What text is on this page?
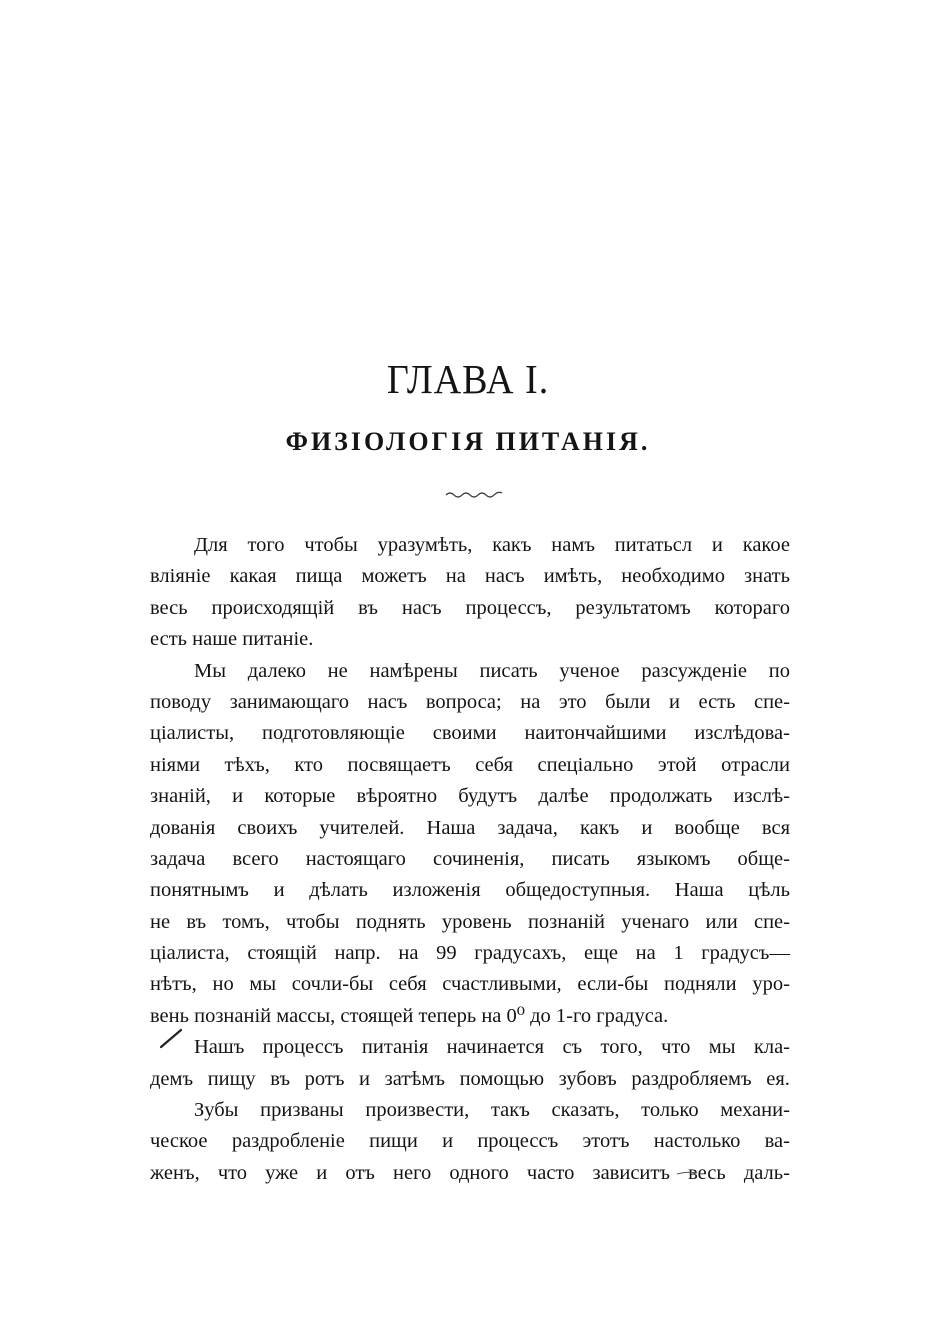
ГЛАВА I.
ФИЗІОЛОГІЯ ПИТАНІЯ.
Для того чтобы уразумѣть, какъ намъ питатьсл и какое
вліяніе какая пища можетъ на насъ имѣть, необходимо знать
весь происходящій въ насъ процессъ, результатомъ котораго
есть наше питаніе.
Мы далеко не намѣрены писать ученое разсужденіе по
поводу занимающаго насъ вопроса; на это были и есть спе-
ціалисты, подготовляющіе своими наитончайшими изслѣдова-
ніями тѣхъ, кто посвящаетъ себя спеціально этой отрасли
знаній, и которые вѣроятно будутъ далѣе продолжать изслѣ-
дованія своихъ учителей. Наша задача, какъ и вообще вся
задача всего настоящаго сочиненія, писать языкомъ обще-
понятнымъ и дѣлать изложенія общедоступныя. Наша цѣль
не въ томъ, чтобы поднять уровень познаній ученаго или спе-
ціалиста, стоящій напр. на 99 градусахъ, еще на 1 градусъ—
нѣтъ, но мы сочли-бы себя счастливыми, если-бы подняли уро-
вень познаній массы, стоящей теперь на 0⁰ до 1-го градуса.
Нашъ процессъ питанія начинается съ того, что мы кла-
демъ пищу въ ротъ и затѣмъ помощью зубовъ раздробляемъ ея.
Зубы призваны произвести, такъ сказать, только механи-
ческое раздробленіе пищи и процессъ этотъ настолько ва-
женъ, что уже и отъ него одного часто зависитъ весь даль-
